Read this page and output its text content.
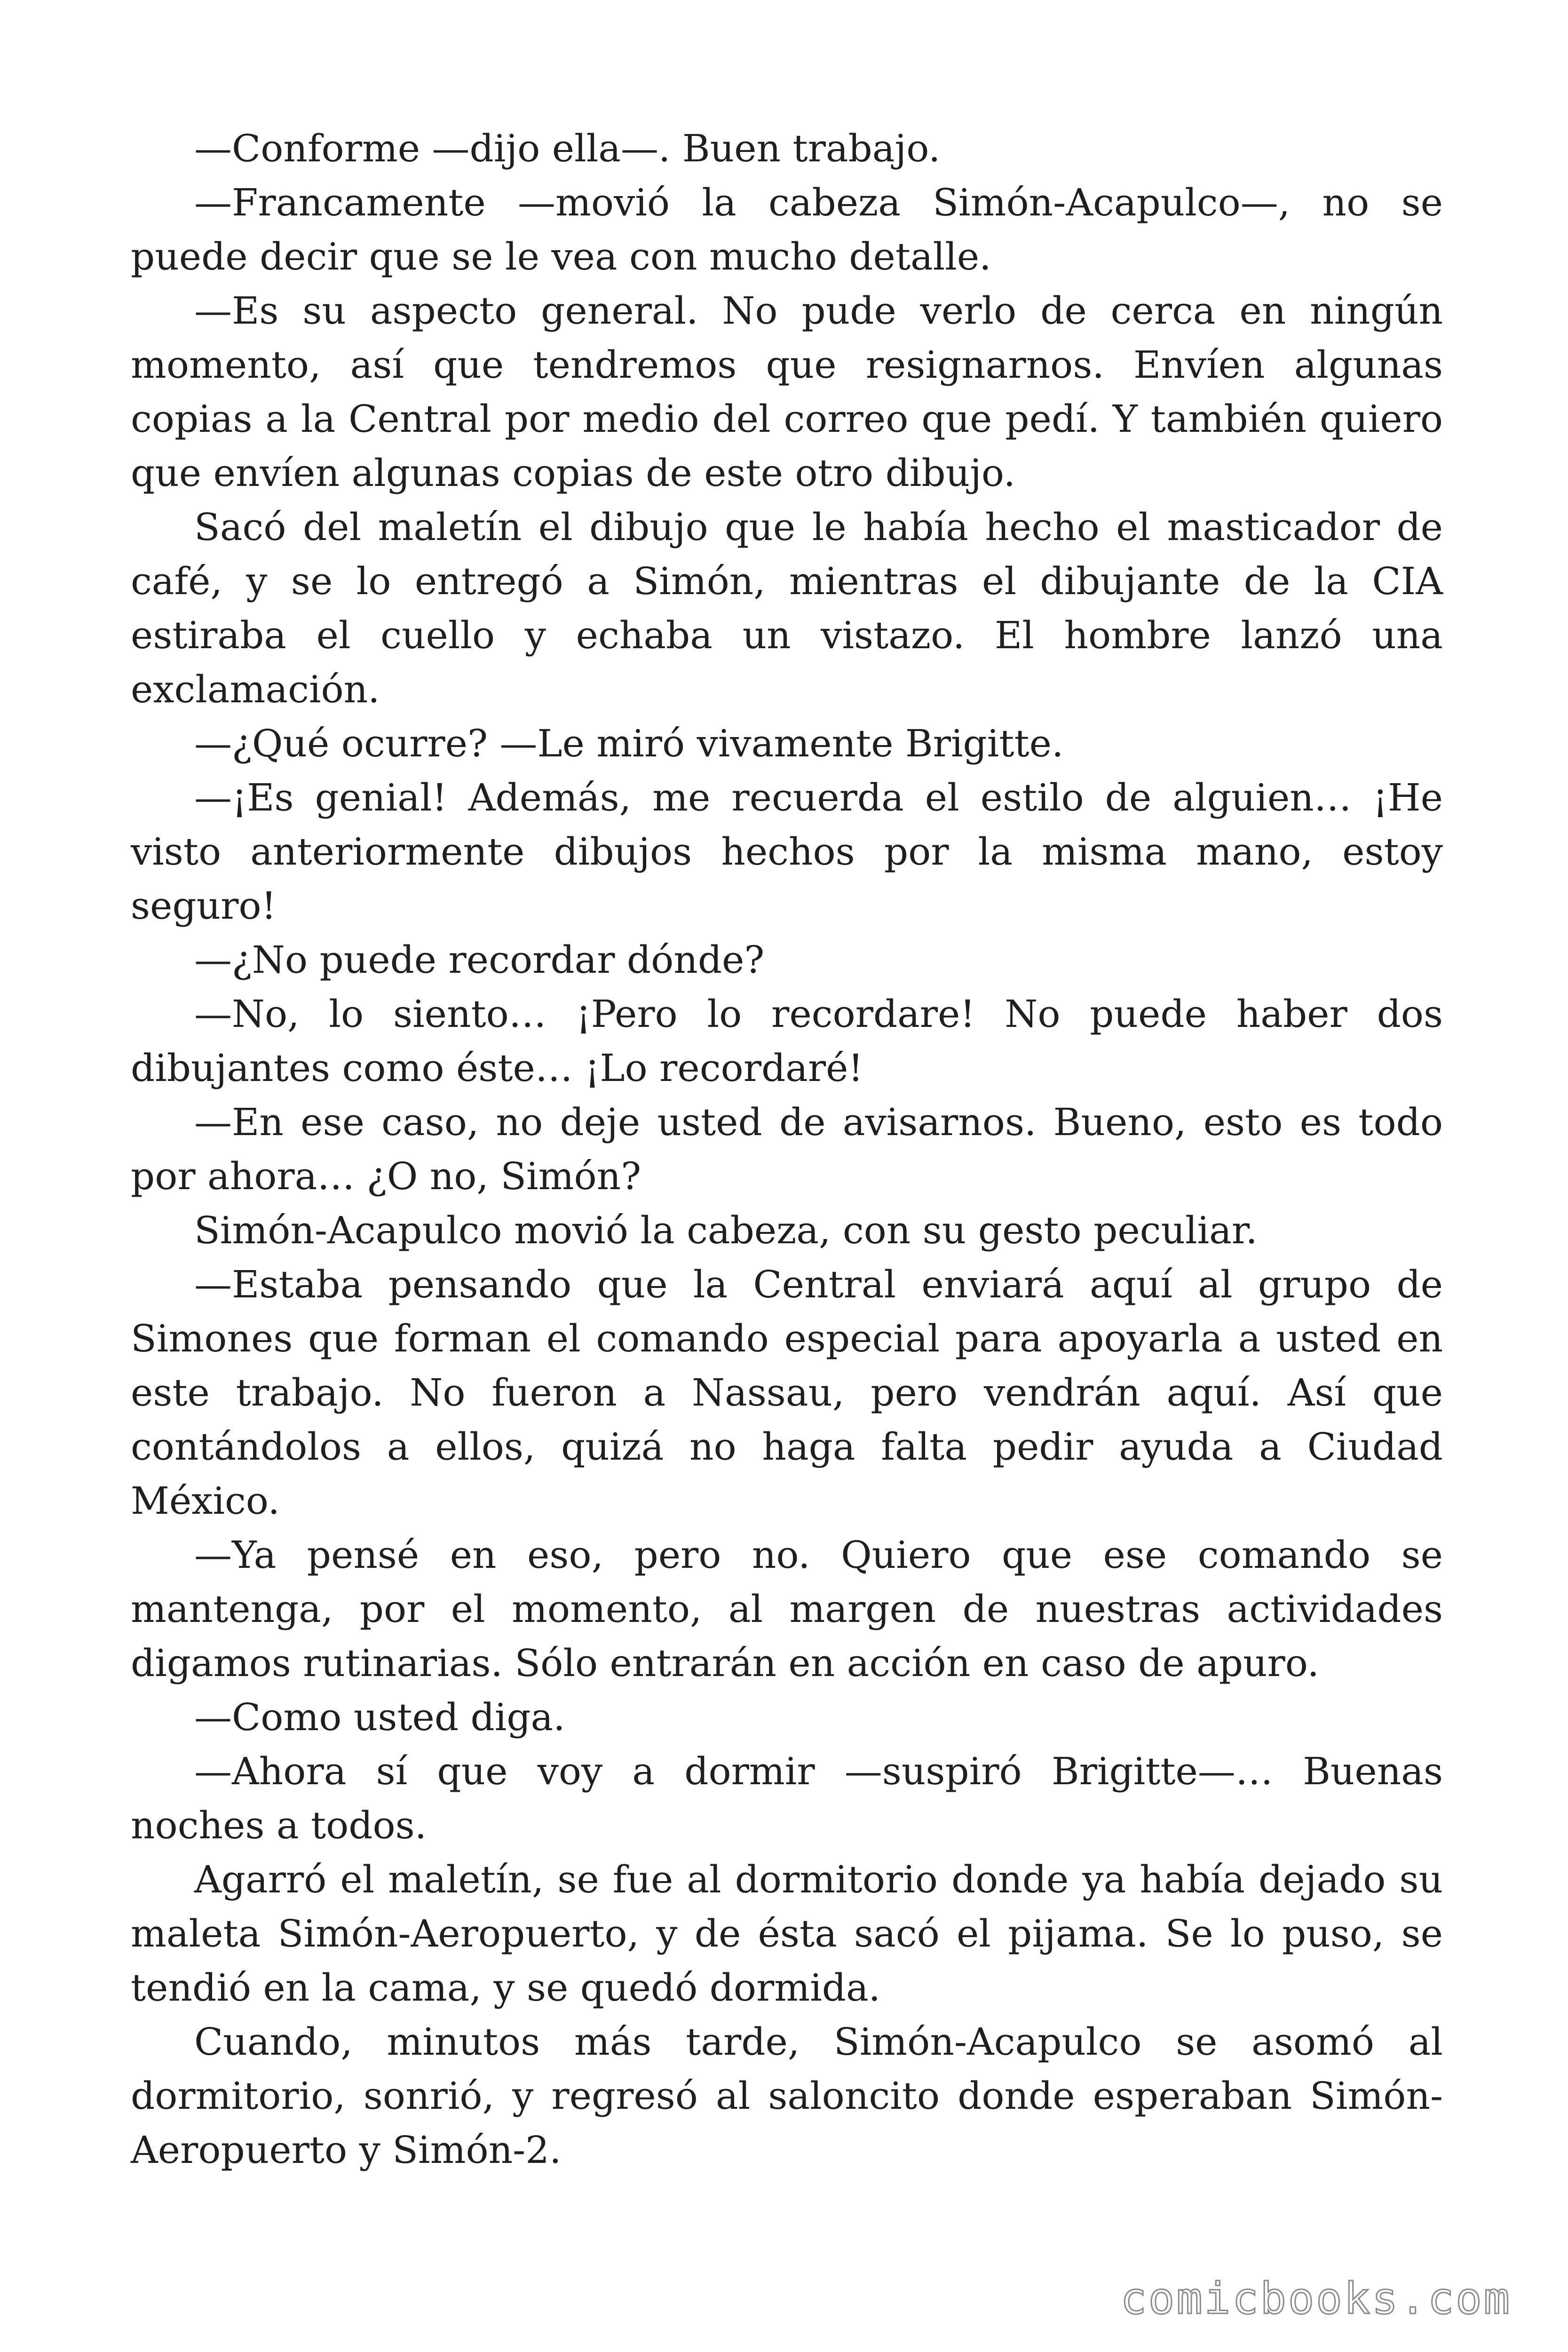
—Conforme —dijo ella—. Buen trabajo.

—Francamente —movió la cabeza Simón-Acapulco—, no se puede decir que se le vea con mucho detalle.

—Es su aspecto general. No pude verlo de cerca en ningún momento, así que tendremos que resignarnos. Envíen algunas copias a la Central por medio del correo que pedí. Y también quiero que envíen algunas copias de este otro dibujo.

Sacó del maletín el dibujo que le había hecho el masticador de café, y se lo entregó a Simón, mientras el dibujante de la CIA estiraba el cuello y echaba un vistazo. El hombre lanzó una exclamación.

—¿Qué ocurre? —Le miró vivamente Brigitte.

—¡Es genial! Además, me recuerda el estilo de alguien… ¡He visto anteriormente dibujos hechos por la misma mano, estoy seguro!

—¿No puede recordar dónde?

—No, lo siento… ¡Pero lo recordare! No puede haber dos dibujantes como éste… ¡Lo recordaré!

—En ese caso, no deje usted de avisarnos. Bueno, esto es todo por ahora… ¿O no, Simón?

Simón-Acapulco movió la cabeza, con su gesto peculiar.

—Estaba pensando que la Central enviará aquí al grupo de Simones que forman el comando especial para apoyarla a usted en este trabajo. No fueron a Nassau, pero vendrán aquí. Así que contándolos a ellos, quizá no haga falta pedir ayuda a Ciudad México.

—Ya pensé en eso, pero no. Quiero que ese comando se mantenga, por el momento, al margen de nuestras actividades digamos rutinarias. Sólo entrarán en acción en caso de apuro.

—Como usted diga.

—Ahora sí que voy a dormir —suspiró Brigitte—… Buenas noches a todos.

Agarró el maletín, se fue al dormitorio donde ya había dejado su maleta Simón-Aeropuerto, y de ésta sacó el pijama. Se lo puso, se tendió en la cama, y se quedó dormida.

Cuando, minutos más tarde, Simón-Acapulco se asomó al dormitorio, sonrió, y regresó al saloncito donde esperaban Simón-Aeropuerto y Simón-2.

comicbooks.com
